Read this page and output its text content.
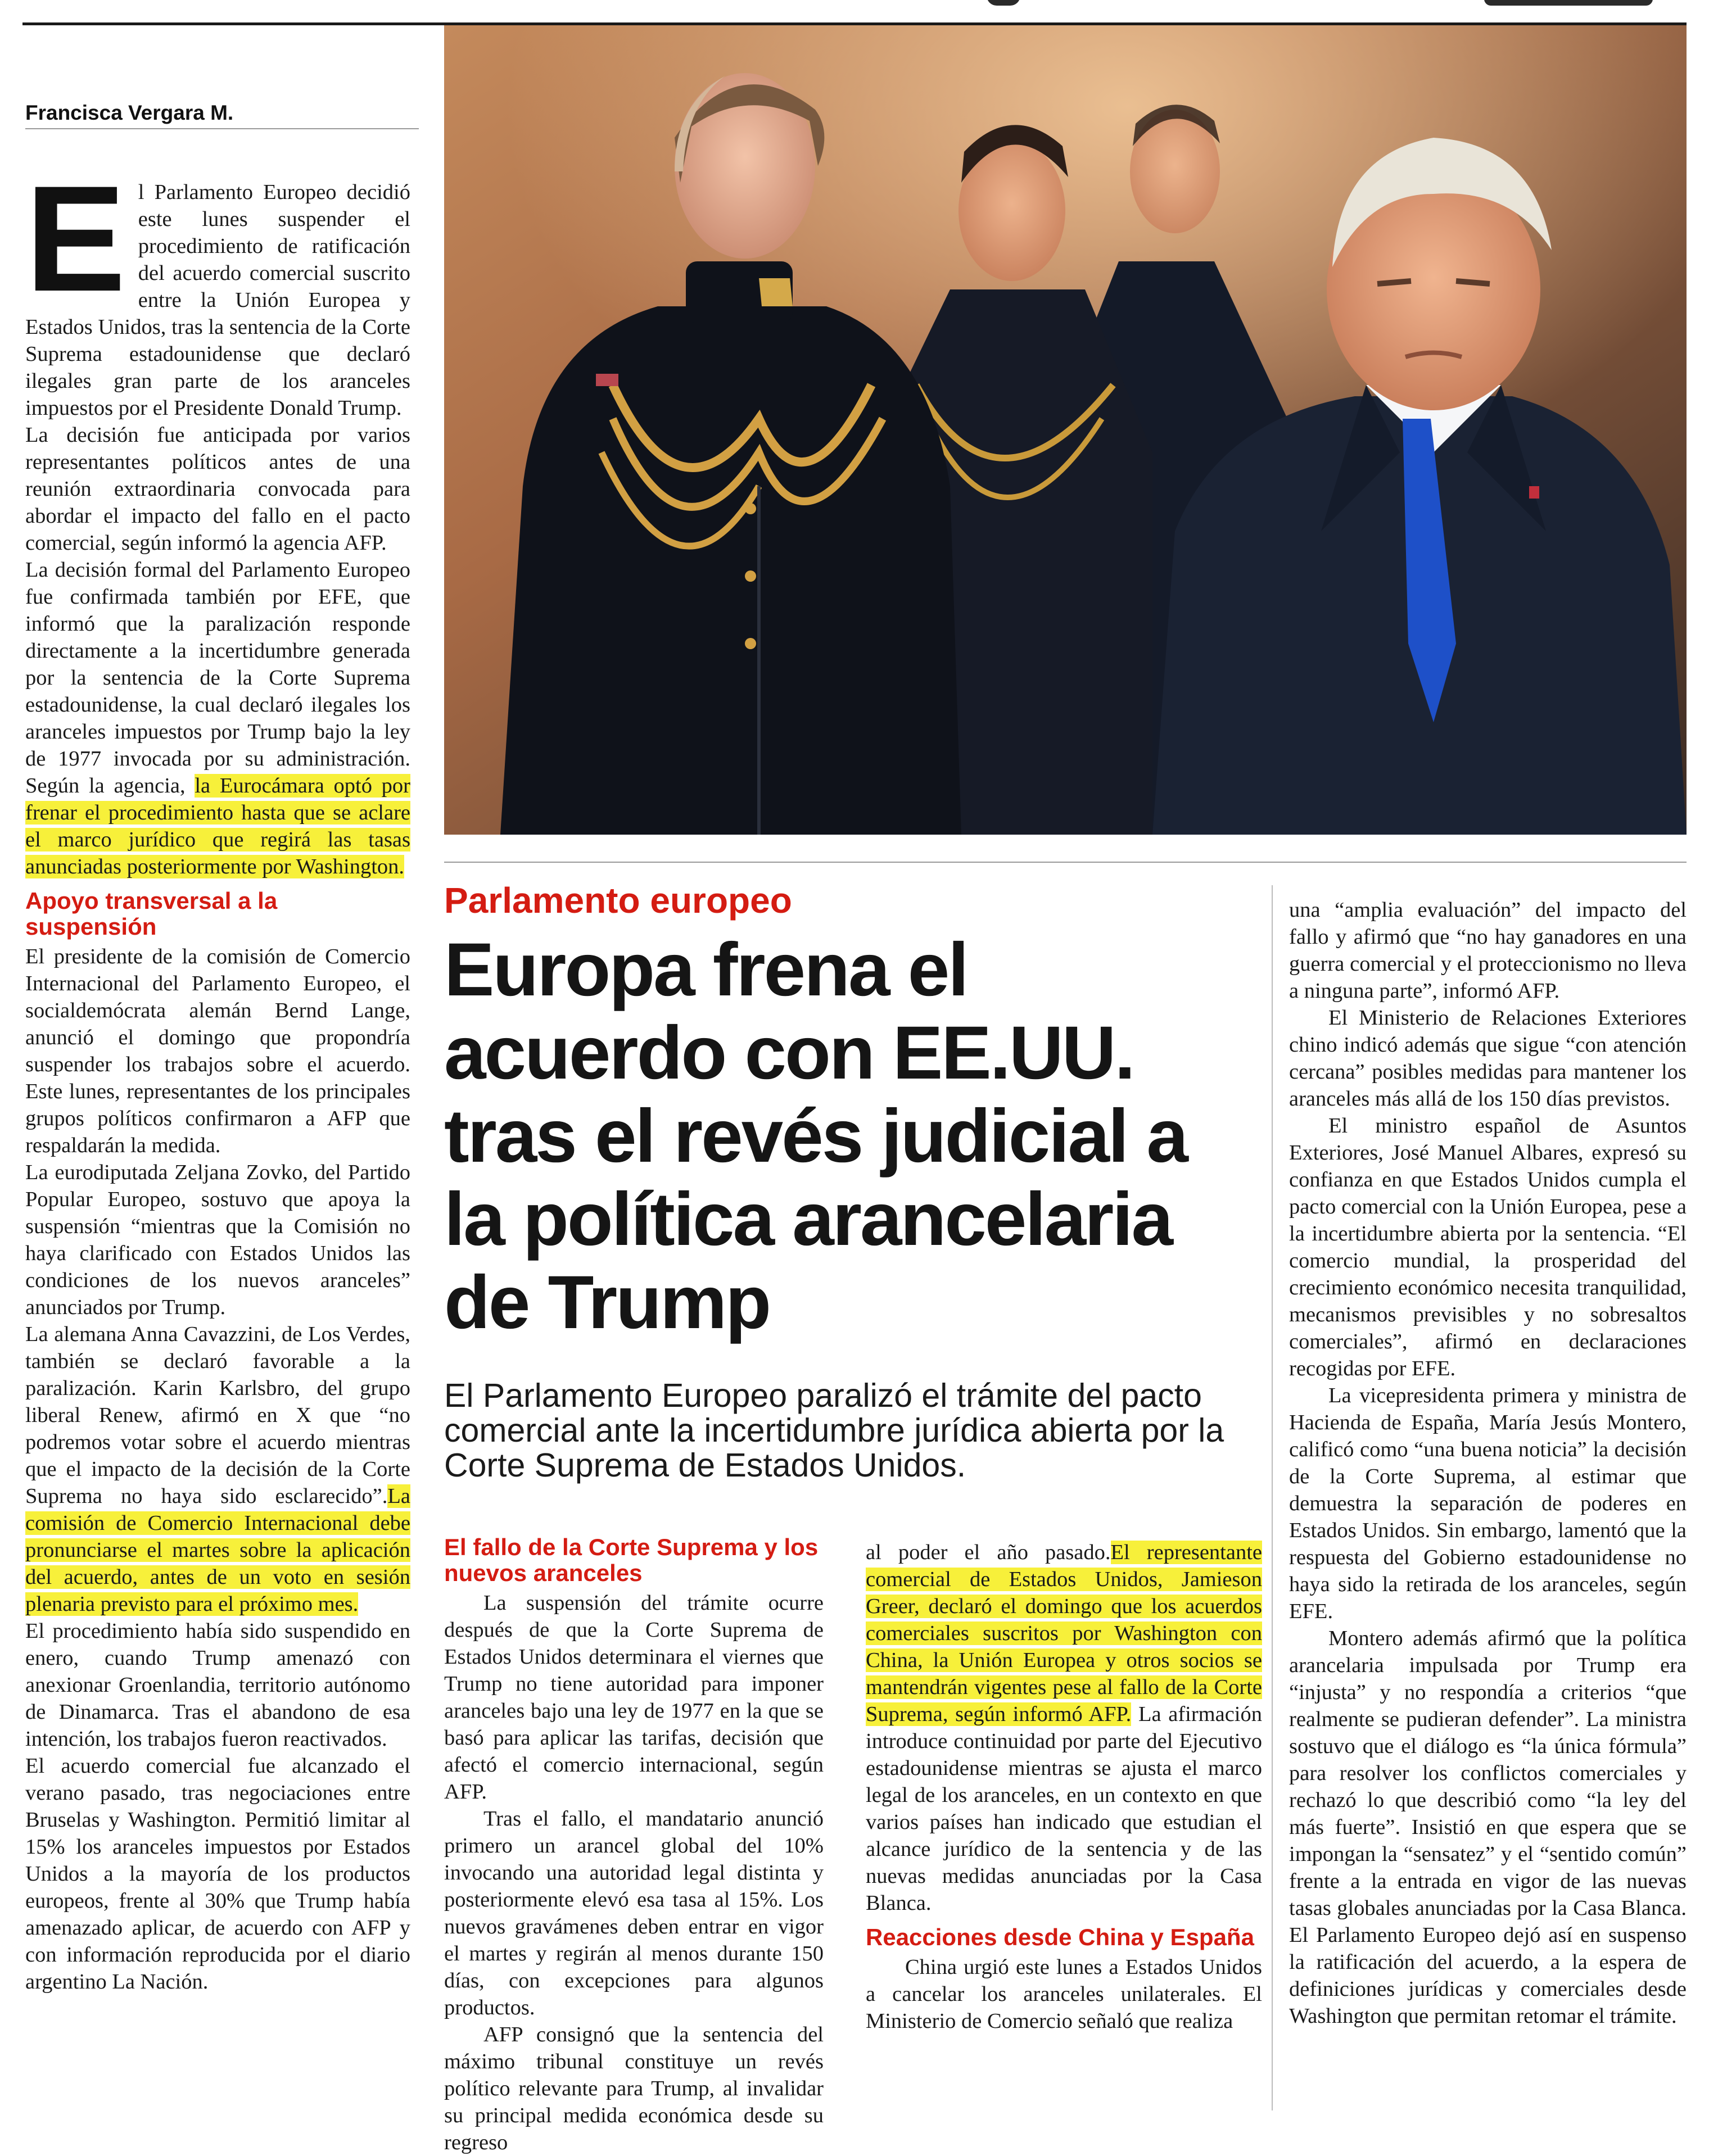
Francisca Vergara M.

El Parlamento Europeo decidió este lunes suspender el procedimiento de ratificación del acuerdo comercial suscrito entre la Unión Europea y Estados Unidos, tras la sentencia de la Corte Suprema estadounidense que declaró ilegales gran parte de los aranceles impuestos por el Presidente Donald Trump.

La decisión fue anticipada por varios representantes políticos antes de una reunión extraordinaria convocada para abordar el impacto del fallo en el pacto comercial, según informó la agencia AFP.

La decisión formal del Parlamento Europeo fue confirmada también por EFE, que informó que la paralización responde directamente a la incertidumbre generada por la sentencia de la Corte Suprema estadounidense, la cual declaró ilegales los aranceles impuestos por Trump bajo la ley de 1977 invocada por su administración. Según la agencia, la Eurocámara optó por frenar el procedimiento hasta que se aclare el marco jurídico que regirá las tasas anunciadas posteriormente por Washington.

Apoyo transversal a la suspensión

El presidente de la comisión de Comercio Internacional del Parlamento Europeo, el socialdemócrata alemán Bernd Lange, anunció el domingo que propondría suspender los trabajos sobre el acuerdo. Este lunes, representantes de los principales grupos políticos confirmaron a AFP que respaldarán la medida.

La eurodiputada Zeljana Zovko, del Partido Popular Europeo, sostuvo que apoya la suspensión “mientras que la Comisión no haya clarificado con Estados Unidos las condiciones de los nuevos aranceles” anunciados por Trump.

La alemana Anna Cavazzini, de Los Verdes, también se declaró favorable a la paralización. Karin Karlsbro, del grupo liberal Renew, afirmó en X que “no podremos votar sobre el acuerdo mientras que el impacto de la decisión de la Corte Suprema no haya sido esclarecido”.La comisión de Comercio Internacional debe pronunciarse el martes sobre la aplicación del acuerdo, antes de un voto en sesión plenaria previsto para el próximo mes.

El procedimiento había sido suspendido en enero, cuando Trump amenazó con anexionar Groenlandia, territorio autónomo de Dinamarca. Tras el abandono de esa intención, los trabajos fueron reactivados.

El acuerdo comercial fue alcanzado el verano pasado, tras negociaciones entre Bruselas y Washington. Permitió limitar al 15% los aranceles impuestos por Estados Unidos a la mayoría de los productos europeos, frente al 30% que Trump había amenazado aplicar, de acuerdo con AFP y con información reproducida por el diario argentino La Nación.

Parlamento europeo
Europa frena el acuerdo con EE.UU. tras el revés judicial a la política arancelaria de Trump
El Parlamento Europeo paralizó el trámite del pacto comercial ante la incertidumbre jurídica abierta por la Corte Suprema de Estados Unidos.
El fallo de la Corte Suprema y los nuevos aranceles

La suspensión del trámite ocurre después de que la Corte Suprema de Estados Unidos determinara el viernes que Trump no tiene autoridad para imponer aranceles bajo una ley de 1977 en la que se basó para aplicar las tarifas, decisión que afectó el comercio internacional, según AFP.

Tras el fallo, el mandatario anunció primero un arancel global del 10% invocando una autoridad legal distinta y posteriormente elevó esa tasa al 15%. Los nuevos gravámenes deben entrar en vigor el martes y regirán al menos durante 150 días, con excepciones para algunos productos.

AFP consignó que la sentencia del máximo tribunal constituye un revés político relevante para Trump, al invalidar su principal medida económica desde su regreso

al poder el año pasado.El representante comercial de Estados Unidos, Jamieson Greer, declaró el domingo que los acuerdos comerciales suscritos por Washington con China, la Unión Europea y otros socios se mantendrán vigentes pese al fallo de la Corte Suprema, según informó AFP. La afirmación introduce continuidad por parte del Ejecutivo estadounidense mientras se ajusta el marco legal de los aranceles, en un contexto en que varios países han indicado que estudian el alcance jurídico de la sentencia y de las nuevas medidas anunciadas por la Casa Blanca.

Reacciones desde China y España

China urgió este lunes a Estados Unidos a cancelar los aranceles unilaterales. El Ministerio de Comercio señaló que realiza

una “amplia evaluación” del impacto del fallo y afirmó que “no hay ganadores en una guerra comercial y el proteccionismo no lleva a ninguna parte”, informó AFP.

El Ministerio de Relaciones Exteriores chino indicó además que sigue “con atención cercana” posibles medidas para mantener los aranceles más allá de los 150 días previstos.

El ministro español de Asuntos Exteriores, José Manuel Albares, expresó su confianza en que Estados Unidos cumpla el pacto comercial con la Unión Europea, pese a la incertidumbre abierta por la sentencia. “El comercio mundial, la prosperidad del crecimiento económico necesita tranquilidad, mecanismos previsibles y no sobresaltos comerciales”, afirmó en declaraciones recogidas por EFE.

La vicepresidenta primera y ministra de Hacienda de España, María Jesús Montero, calificó como “una buena noticia” la decisión de la Corte Suprema, al estimar que demuestra la separación de poderes en Estados Unidos. Sin embargo, lamentó que la respuesta del Gobierno estadounidense no haya sido la retirada de los aranceles, según EFE.

Montero además afirmó que la política arancelaria impulsada por Trump era “injusta” y no respondía a criterios “que realmente se pudieran defender”. La ministra sostuvo que el diálogo es “la única fórmula” para resolver los conflictos comerciales y rechazó lo que describió como “la ley del más fuerte”. Insistió en que espera que se impongan la “sensatez” y el “sentido común” frente a la entrada en vigor de las nuevas tasas globales anunciadas por la Casa Blanca. El Parlamento Europeo dejó así en suspenso la ratificación del acuerdo, a la espera de definiciones jurídicas y comerciales desde Washington que permitan retomar el trámite.
